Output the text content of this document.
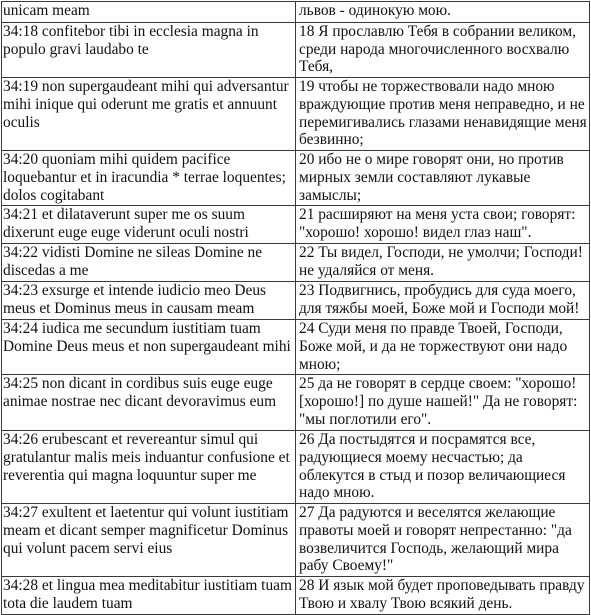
unicam meam	львов - одинокую мою.
34:18 confitebor tibi in ecclesia magna in populo gravi laudabo te	18 Я прославлю Тебя в собрании великом, среди народа многочисленного восхвалю Тебя,
34:19 non supergaudeant mihi qui adversantur mihi inique qui oderunt me gratis et annuunt oculis	19 чтобы не торжествовали надо мною враждующие против меня неправедно, и не перемигивались глазами ненавидящие меня безвинно;
34:20 quoniam mihi quidem pacifice loquebantur et in iracundia * terrae loquentes; dolos cogitabant	20 ибо не о мире говорят они, но против мирных земли составляют лукавые замыслы;
34:21 et dilataverunt super me os suum dixerunt euge euge viderunt oculi nostri	21 расширяют на меня уста свои; говорят: "хорошо! хорошо! видел глаз наш".
34:22 vidisti Domine ne sileas Domine ne discedas a me	22 Ты видел, Господи, не умолчи; Господи! не удаляйся от меня.
34:23 exsurge et intende iudicio meo Deus meus et Dominus meus in causam meam	23 Подвигнись, пробудись для суда моего, для тяжбы моей, Боже мой и Господи мой!
34:24 iudica me secundum iustitiam tuam Domine Deus meus et non supergaudeant mihi	24 Суди меня по правде Твоей, Господи, Боже мой, и да не торжествуют они надо мною;
34:25 non dicant in cordibus suis euge euge animae nostrae nec dicant devoravimus eum	25 да не говорят в сердце своем: "хорошо! [хорошо!] по душе нашей!" Да не говорят: "мы поглотили его".
34:26 erubescant et revereantur simul qui gratulantur malis meis induantur confusione et reverentia qui magna loquuntur super me	26 Да постыдятся и посрамятся все, радующиеся моему несчастью; да облекутся в стыд и позор величающиеся надо мною.
34:27 exultent et laetentur qui volunt iustitiam meam et dicant semper magnificetur Dominus qui volunt pacem servi eius	27 Да радуются и веселятся желающие правоты моей и говорят непрестанно: "да возвеличится Господь, желающий мира рабу Своему!"
34:28 et lingua mea meditabitur iustitiam tuam tota die laudem tuam	28 И язык мой будет проповедывать правду Твою и хвалу Твою всякий день.
